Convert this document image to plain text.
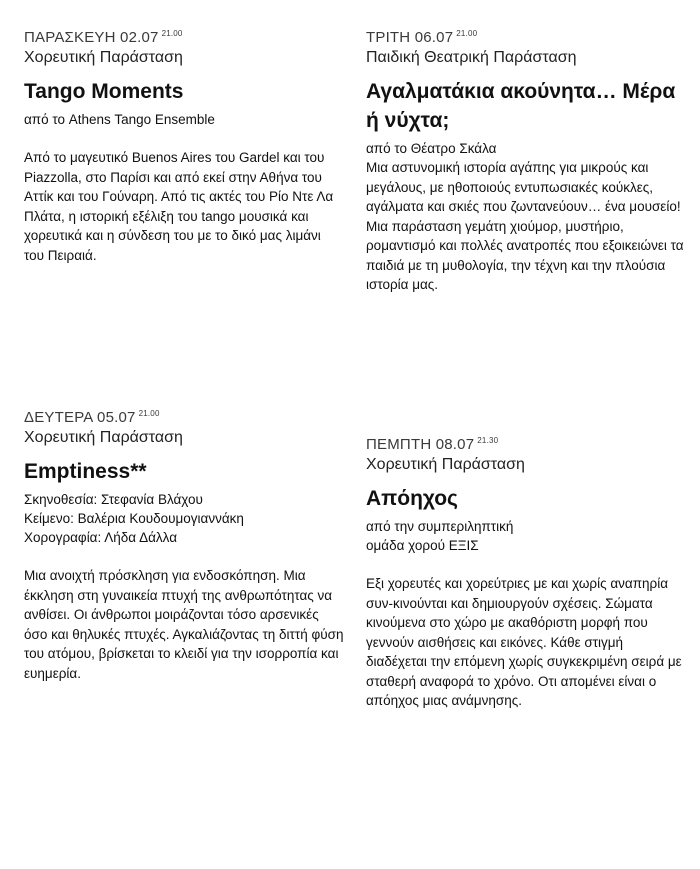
ΠΑΡΑΣΚΕΥΗ 02.07 $^{21.00}$
Χορευτική Παράσταση
Tango Moments
από το Athens Tango Ensemble
Από το μαγευτικό Buenos Aires του Gardel και του Piazzolla, στο Παρίσι και από εκεί στην Αθήνα του Αττίκ και του Γούναρη. Από τις ακτές του Ρίο Ντε Λα Πλάτα, η ιστορική εξέλιξη του tango μουσικά και χορευτικά και η σύνδεση του με το δικό μας λιμάνι του Πειραιά.
ΤΡΙΤΗ 06.07 $^{21.00}$
Παιδική Θεατρική Παράσταση
Αγαλματάκια ακούνητα… Μέρα ή νύχτα;
από το Θέατρο Σκάλα
Μια αστυνομική ιστορία αγάπης για μικρούς και μεγάλους, με ηθοποιούς εντυπωσιακές κούκλες, αγάλματα και σκιές που ζωντανεύουν… ένα μουσείο! Μια παράσταση γεμάτη χιούμορ, μυστήριο, ρομαντισμό και πολλές ανατροπές που εξοικειώνει τα παιδιά με τη μυθολογία, την τέχνη και την πλούσια ιστορία μας.
ΔΕΥΤΕΡΑ 05.07 $^{21.00}$
Χορευτική Παράσταση
Emptiness**
Σκηνοθεσία: Στεφανία Βλάχου
Κείμενο: Βαλέρια Κουδουμογιαννάκη
Χορογραφία: Λήδα Δάλλα
Μια ανοιχτή πρόσκληση για ενδοσκόπηση. Μια έκκληση στη γυναικεία πτυχή της ανθρωπότητας να ανθίσει. Οι άνθρωποι μοιράζονται τόσο αρσενικές όσο και θηλυκές πτυχές. Αγκαλιάζοντας τη διττή φύση του ατόμου, βρίσκεται το κλειδί για την ισορροπία και ευημερία.
ΠΕΜΠΤΗ 08.07 $^{21.30}$
Χορευτική Παράσταση
Απόηχος
από την συμπεριληπτική
ομάδα χορού ΕΞΙΣ
Εξι χορευτές και χορεύτριες με και χωρίς αναπηρία συν-κινούνται και δημιουργούν σχέσεις. Σώματα κινούμενα στο χώρο με ακαθόριστη μορφή που γεννούν αισθήσεις και εικόνες. Κάθε στιγμή διαδέχεται την επόμενη χωρίς συγκεκριμένη σειρά με σταθερή αναφορά το χρόνο. Οτι απομένει είναι ο απόηχος μιας ανάμνησης.
